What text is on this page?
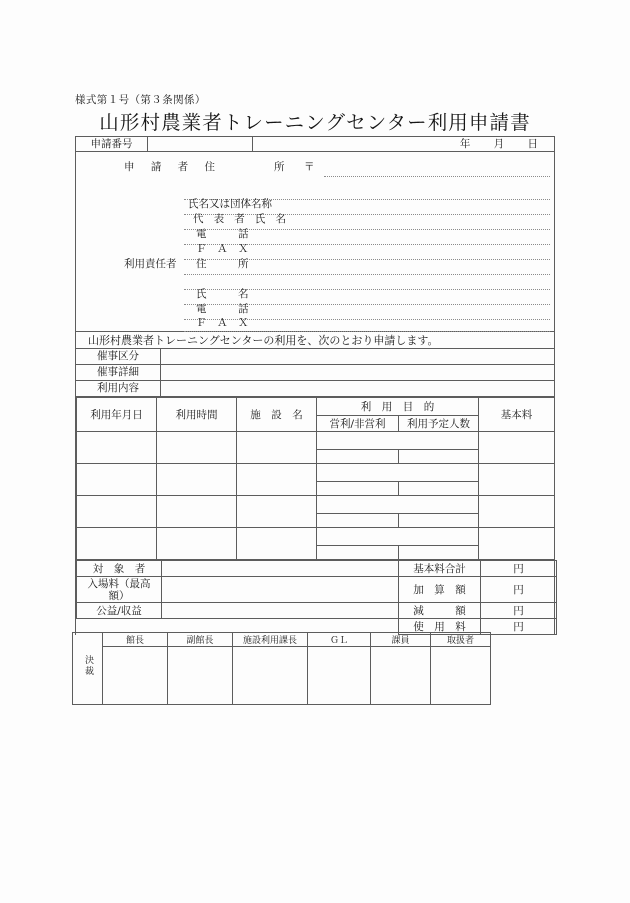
様式第１号（第３条関係）
山形村農業者トレーニングセンター利用申請書
申請番号	年 月 日
申 請 者 住	所 〒
氏名又は団体名称
代 表 者 氏 名
電　　　話
Ｆ　Ａ　Ｘ
利用責任者 住　　　所
氏　　　名
電　　　話
Ｆ　Ａ　Ｘ
山形村農業者トレーニングセンターの利用を、次のとおり申請します。
催事区分
催事詳細
利用内容
利用年月日	利用時間	施　設　名	利　用　目　的		基本料
			営利/非営利	利用予定人数	

対　象　者		基本料合計	円
入場料（最高額）		加　算　額	円
公益/収益		減　　　額	円
		使　用　料	円
決裁	館長	副館長	施設利用課長	ＧＬ	課員	取扱者
